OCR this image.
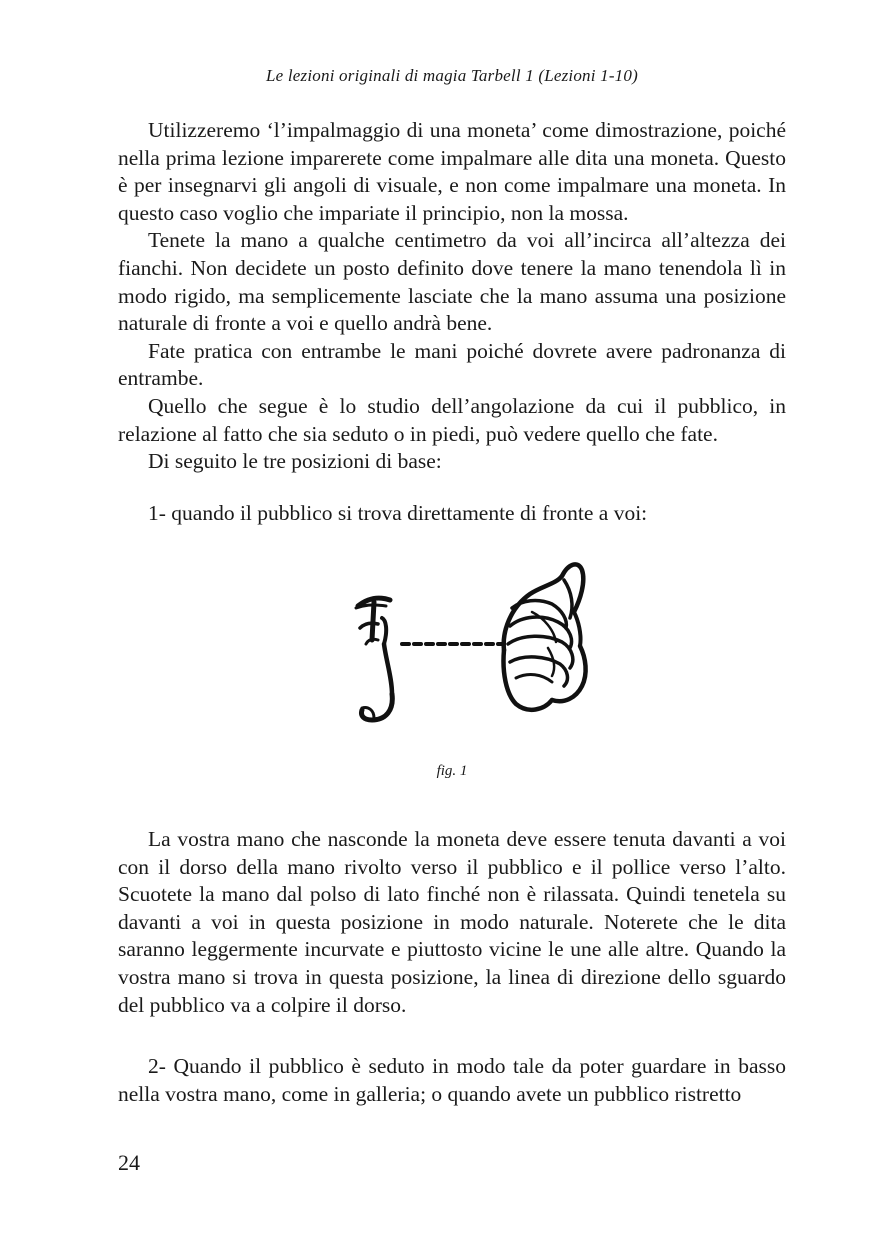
Le lezioni originali di magia Tarbell 1 (Lezioni 1-10)

Utilizzeremo ‘l’impalmaggio di una moneta’ come dimostrazione, poiché nella prima lezione imparerete come impalmare alle dita una moneta. Questo è per insegnarvi gli angoli di visuale, e non come impalmare una moneta. In questo caso voglio che impariate il principio, non la mossa.

Tenete la mano a qualche centimetro da voi all’incirca all’altezza dei fianchi. Non decidete un posto definito dove tenere la mano tenendola lì in modo rigido, ma semplicemente lasciate che la mano assuma una posizione naturale di fronte a voi e quello andrà bene.

Fate pratica con entrambe le mani poiché dovrete avere padronanza di entrambe.

Quello che segue è lo studio dell’angolazione da cui il pubblico, in relazione al fatto che sia seduto o in piedi, può vedere quello che fate.

Di seguito le tre posizioni di base:

1- quando il pubblico si trova direttamente di fronte a voi:

fig. 1

La vostra mano che nasconde la moneta deve essere tenuta davanti a voi con il dorso della mano rivolto verso il pubblico e il pollice verso l’alto. Scuotete la mano dal polso di lato finché non è rilassata. Quindi tenetela su davanti a voi in questa posizione in modo naturale. Noterete che le dita saranno leggermente incurvate e piuttosto vicine le une alle altre. Quando la vostra mano si trova in questa posizione, la linea di direzione dello sguardo del pubblico va a colpire il dorso.

2- Quando il pubblico è seduto in modo tale da poter guardare in basso nella vostra mano, come in galleria; o quando avete un pubblico ristretto

24
